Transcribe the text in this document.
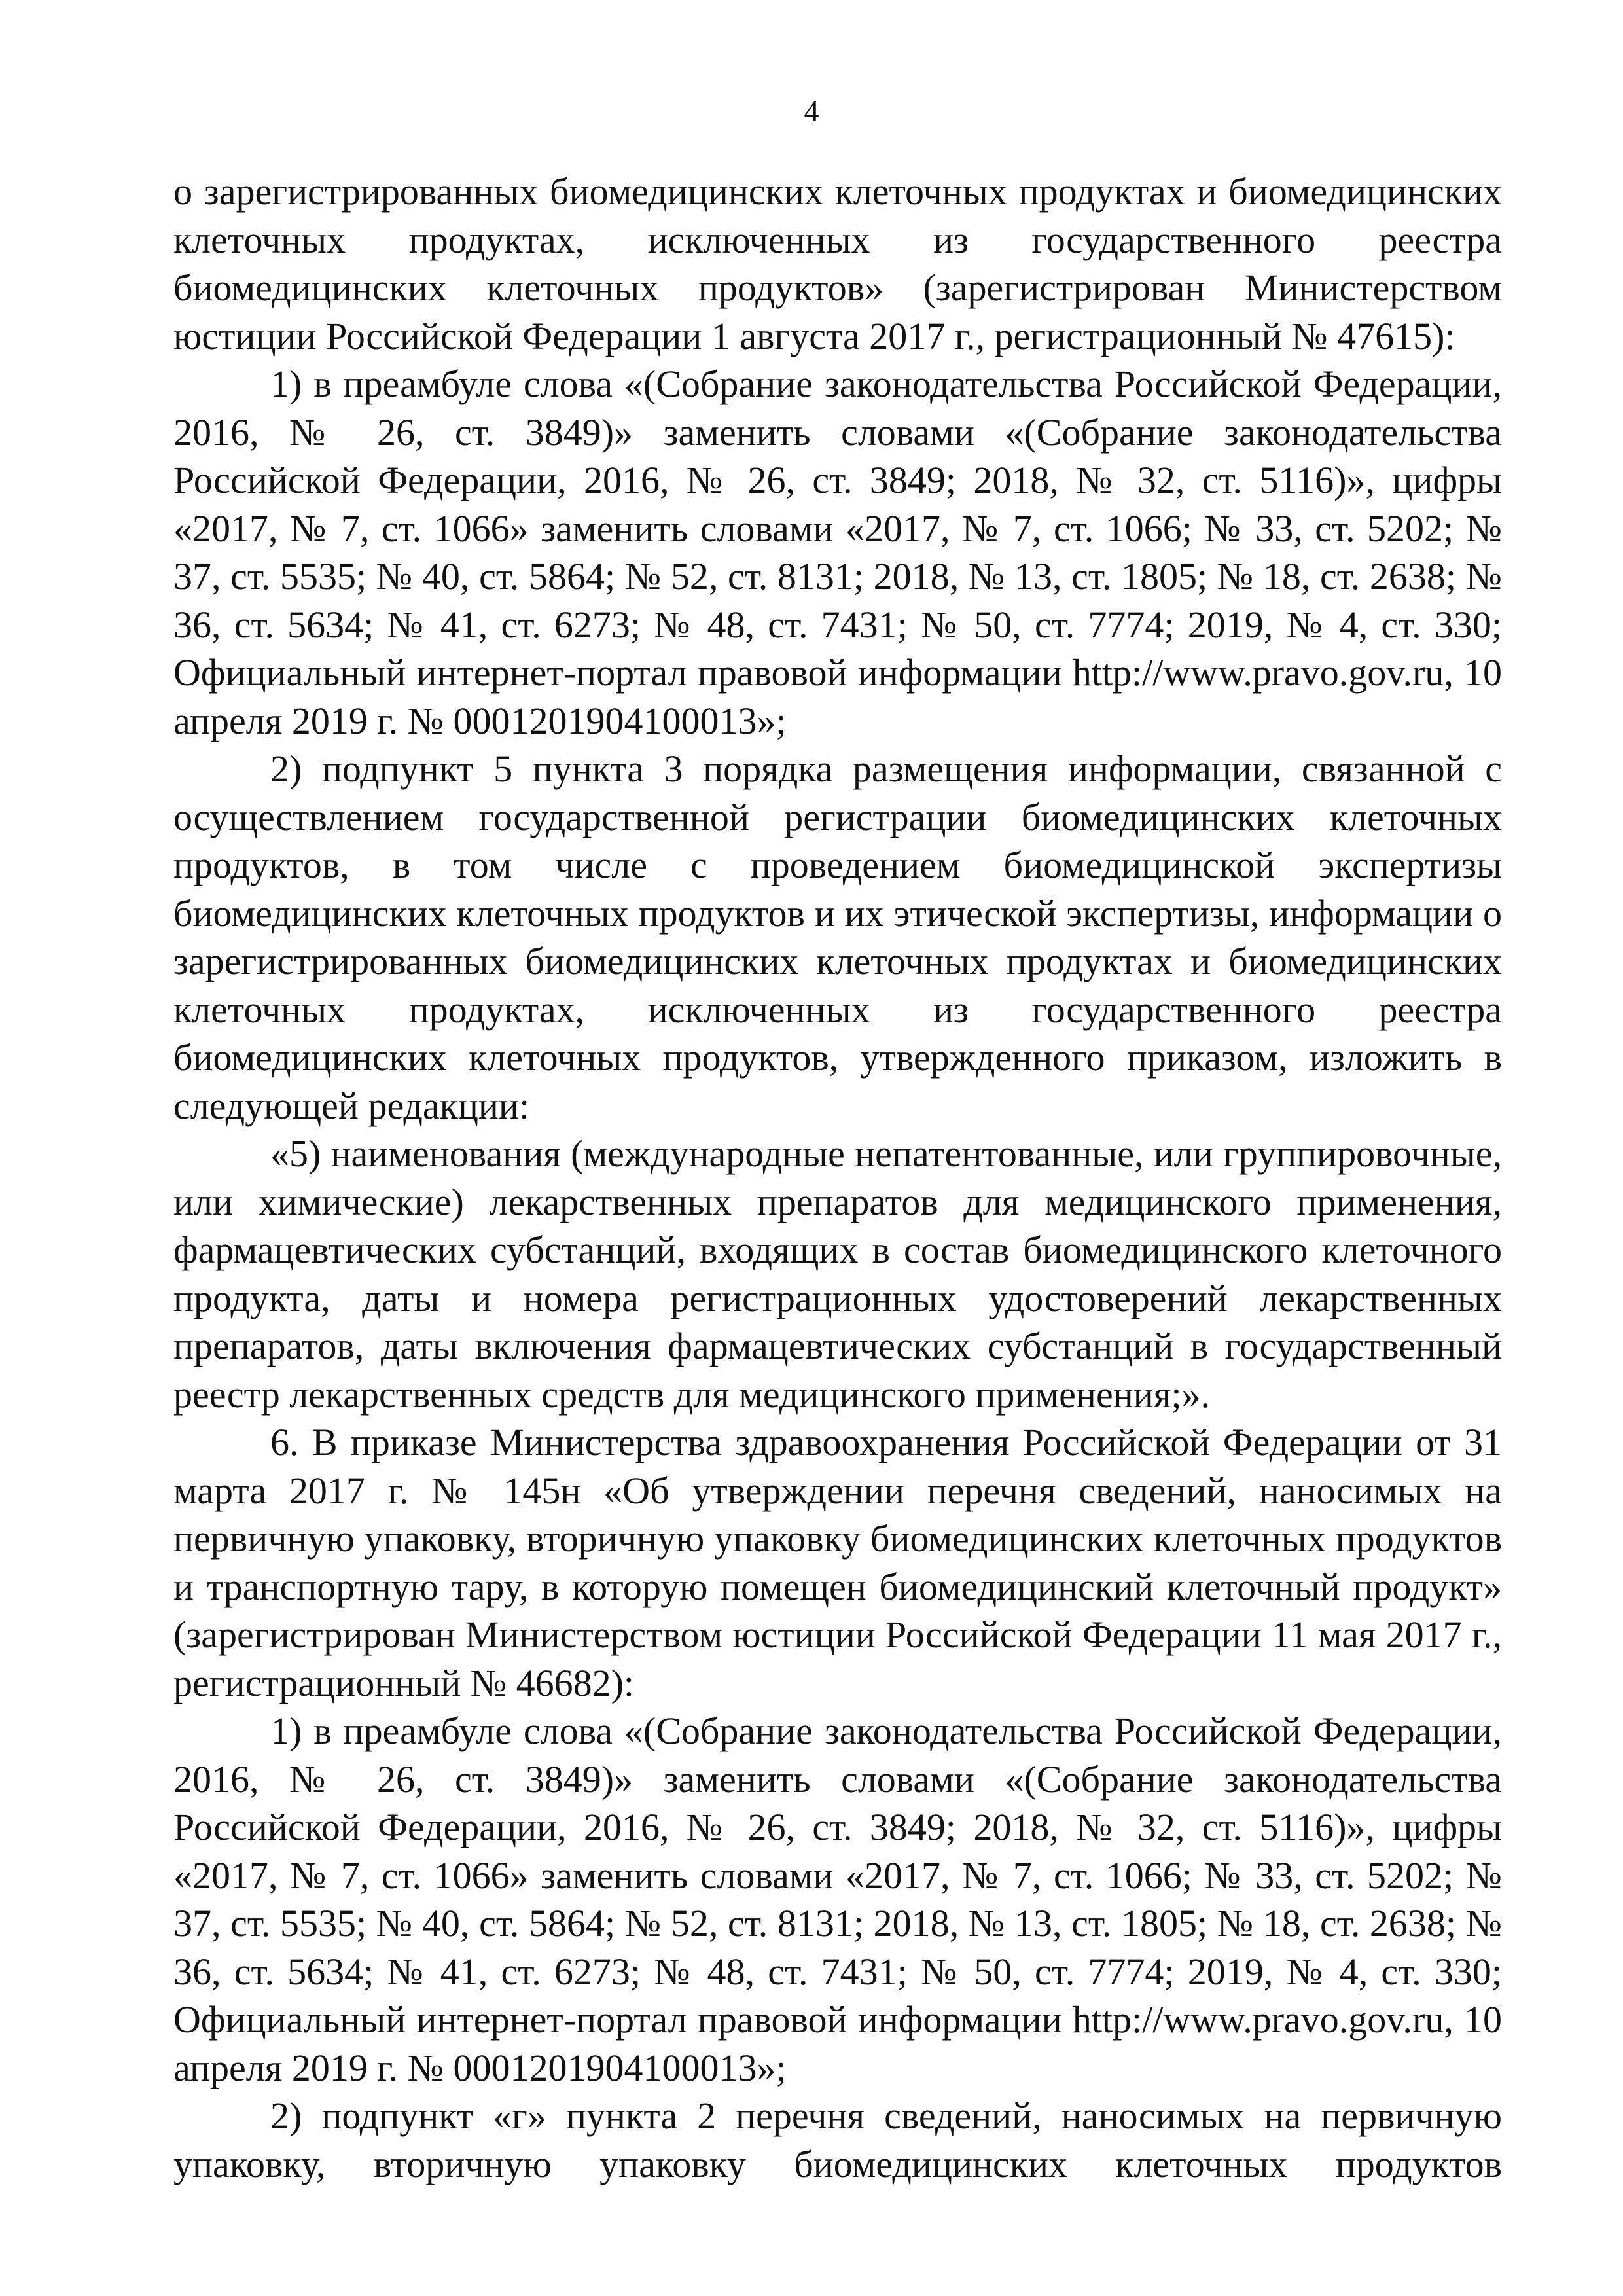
4

о зарегистрированных биомедицинских клеточных продуктах и биомедицинских клеточных продуктах, исключенных из государственного реестра биомедицинских клеточных продуктов» (зарегистрирован Министерством юстиции Российской Федерации 1 августа 2017 г., регистрационный № 47615):

1) в преамбуле слова «(Собрание законодательства Российской Федерации, 2016, № 26, ст. 3849)» заменить словами «(Собрание законодательства Российской Федерации, 2016, № 26, ст. 3849; 2018, № 32, ст. 5116)», цифры «2017, № 7, ст. 1066» заменить словами «2017, № 7, ст. 1066; № 33, ст. 5202; № 37, ст. 5535; № 40, ст. 5864; № 52, ст. 8131; 2018, № 13, ст. 1805; № 18, ст. 2638; № 36, ст. 5634; № 41, ст. 6273; № 48, ст. 7431; № 50, ст. 7774; 2019, № 4, ст. 330; Официальный интернет-портал правовой информации http://www.pravo.gov.ru, 10 апреля 2019 г. № 0001201904100013»;

2) подпункт 5 пункта 3 порядка размещения информации, связанной с осуществлением государственной регистрации биомедицинских клеточных продуктов, в том числе с проведением биомедицинской экспертизы биомедицинских клеточных продуктов и их этической экспертизы, информации о зарегистрированных биомедицинских клеточных продуктах и биомедицинских клеточных продуктах, исключенных из государственного реестра биомедицинских клеточных продуктов, утвержденного приказом, изложить в следующей редакции:

«5) наименования (международные непатентованные, или группировочные, или химические) лекарственных препаратов для медицинского применения, фармацевтических субстанций, входящих в состав биомедицинского клеточного продукта, даты и номера регистрационных удостоверений лекарственных препаратов, даты включения фармацевтических субстанций в государственный реестр лекарственных средств для медицинского применения;».

6. В приказе Министерства здравоохранения Российской Федерации от 31 марта 2017 г. № 145н «Об утверждении перечня сведений, наносимых на первичную упаковку, вторичную упаковку биомедицинских клеточных продуктов и транспортную тару, в которую помещен биомедицинский клеточный продукт» (зарегистрирован Министерством юстиции Российской Федерации 11 мая 2017 г., регистрационный № 46682):

1) в преамбуле слова «(Собрание законодательства Российской Федерации, 2016, № 26, ст. 3849)» заменить словами «(Собрание законодательства Российской Федерации, 2016, № 26, ст. 3849; 2018, № 32, ст. 5116)», цифры «2017, № 7, ст. 1066» заменить словами «2017, № 7, ст. 1066; № 33, ст. 5202; № 37, ст. 5535; № 40, ст. 5864; № 52, ст. 8131; 2018, № 13, ст. 1805; № 18, ст. 2638; № 36, ст. 5634; № 41, ст. 6273; № 48, ст. 7431; № 50, ст. 7774; 2019, № 4, ст. 330; Официальный интернет-портал правовой информации http://www.pravo.gov.ru, 10 апреля 2019 г. № 0001201904100013»;

2) подпункт «г» пункта 2 перечня сведений, наносимых на первичную упаковку, вторичную упаковку биомедицинских клеточных продуктов
